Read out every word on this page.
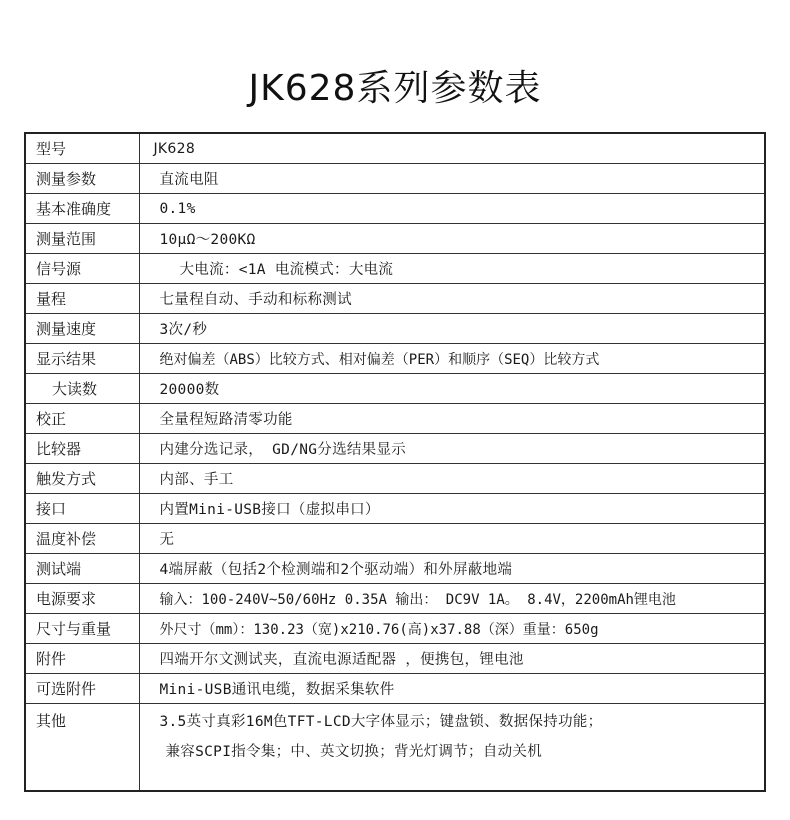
JK628系列参数表
型号	JK628
测量参数	直流电阻
基本准确度	0.1%
测量范围	10μΩ～200KΩ
信号源	大电流：<1A 电流模式：大电流
量程	七量程自动、手动和标称测试
测量速度	3次/秒
显示结果	绝对偏差（ABS）比较方式、相对偏差（PER）和顺序（SEQ）比较方式
大读数	20000数
校正	全量程短路清零功能
比较器	内建分选记录， GD/NG分选结果显示
触发方式	内部、手工
接口	内置Mini-USB接口（虚拟串口）
温度补偿	无
测试端	4端屏蔽（包括2个检测端和2个驱动端）和外屏蔽地端
电源要求	输入：100-240V~50/60Hz 0.35A 输出： DC9V 1A。 8.4V，2200mAh锂电池
尺寸与重量	外尺寸（mm）：130.23（宽)x210.76(高)x37.88（深）重量：650g
附件	四端开尔文测试夹，直流电源适配器 ，便携包，锂电池
可选附件	Mini-USB通讯电缆，数据采集软件
其他	3.5英寸真彩16M色TFT-LCD大字体显示；键盘锁、数据保持功能；
兼容SCPI指令集；中、英文切换；背光灯调节；自动关机
